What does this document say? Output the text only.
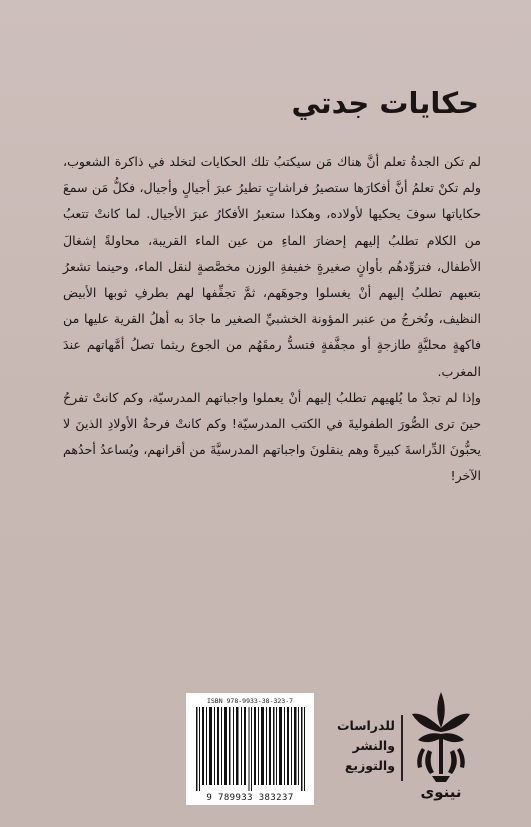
حكايات جدتي

لم تكن الجدةُ تعلم أنَّ هناك مَن سيكتبُ تلك الحكايات لتخلد في ذاكرة الشعوب، ولم تكنْ تعلمُ أنَّ أفكارَها ستصيرُ فراشاتٍ تطيرُ عبرَ أجيالٍ وأجيال، فكلُّ مَن سمعَ حكاياتها سوفَ يحكيها لأولاده، وهكذا ستعبرُ الأفكارُ عبرَ الأجيال. لما كانتْ تتعبُ من الكلام تطلبُ إليهم إحضارَ الماءِ من عين الماء القريبة، محاولةً إشغالَ الأطفال، فتزوِّدهُم بأوانٍ صغيرةٍ خفيفةِ الوزن مخصَّصةٍ لنقل الماء، وحينما تشعرُ بتعبهم تطلبُ إليهم أنْ يغسلوا وجوهَهم، ثمَّ تجفِّفها لهم بطرفِ ثوبها الأبيض النظيف، وتُخرجُ من عنبر المؤونة الخشبيِّ الصغير ما جادَ به أهلُ القرية عليها من فاكهةٍ محليَّةٍ طازجةٍ أو مجفَّفةٍ فتسدُّ رمقَهُم من الجوع ريثما تصلُ أمَّهاتهم عندَ المغرب.

وإذا لم تجدْ ما يُلهيهم تطلبُ إليهم أنْ يعملوا واجباتهم المدرسيّة، وكم كانتْ تفرحُ حينَ ترى الصُّورَ الطفوليةَ في الكتب المدرسيّة! وكم كانتْ فرحةُ الأولادِ الذينَ لا يحبُّونَ الدِّراسةَ كبيرةً وهم ينقلونَ واجباتهم المدرسيَّةَ من أقرانهم، ويُساعدُ أحدُهم الآخر!

ISBN 978-9933-38-323-7
9 789933 383237
للدراسات
والنشر
والتوزيع
نينوى
